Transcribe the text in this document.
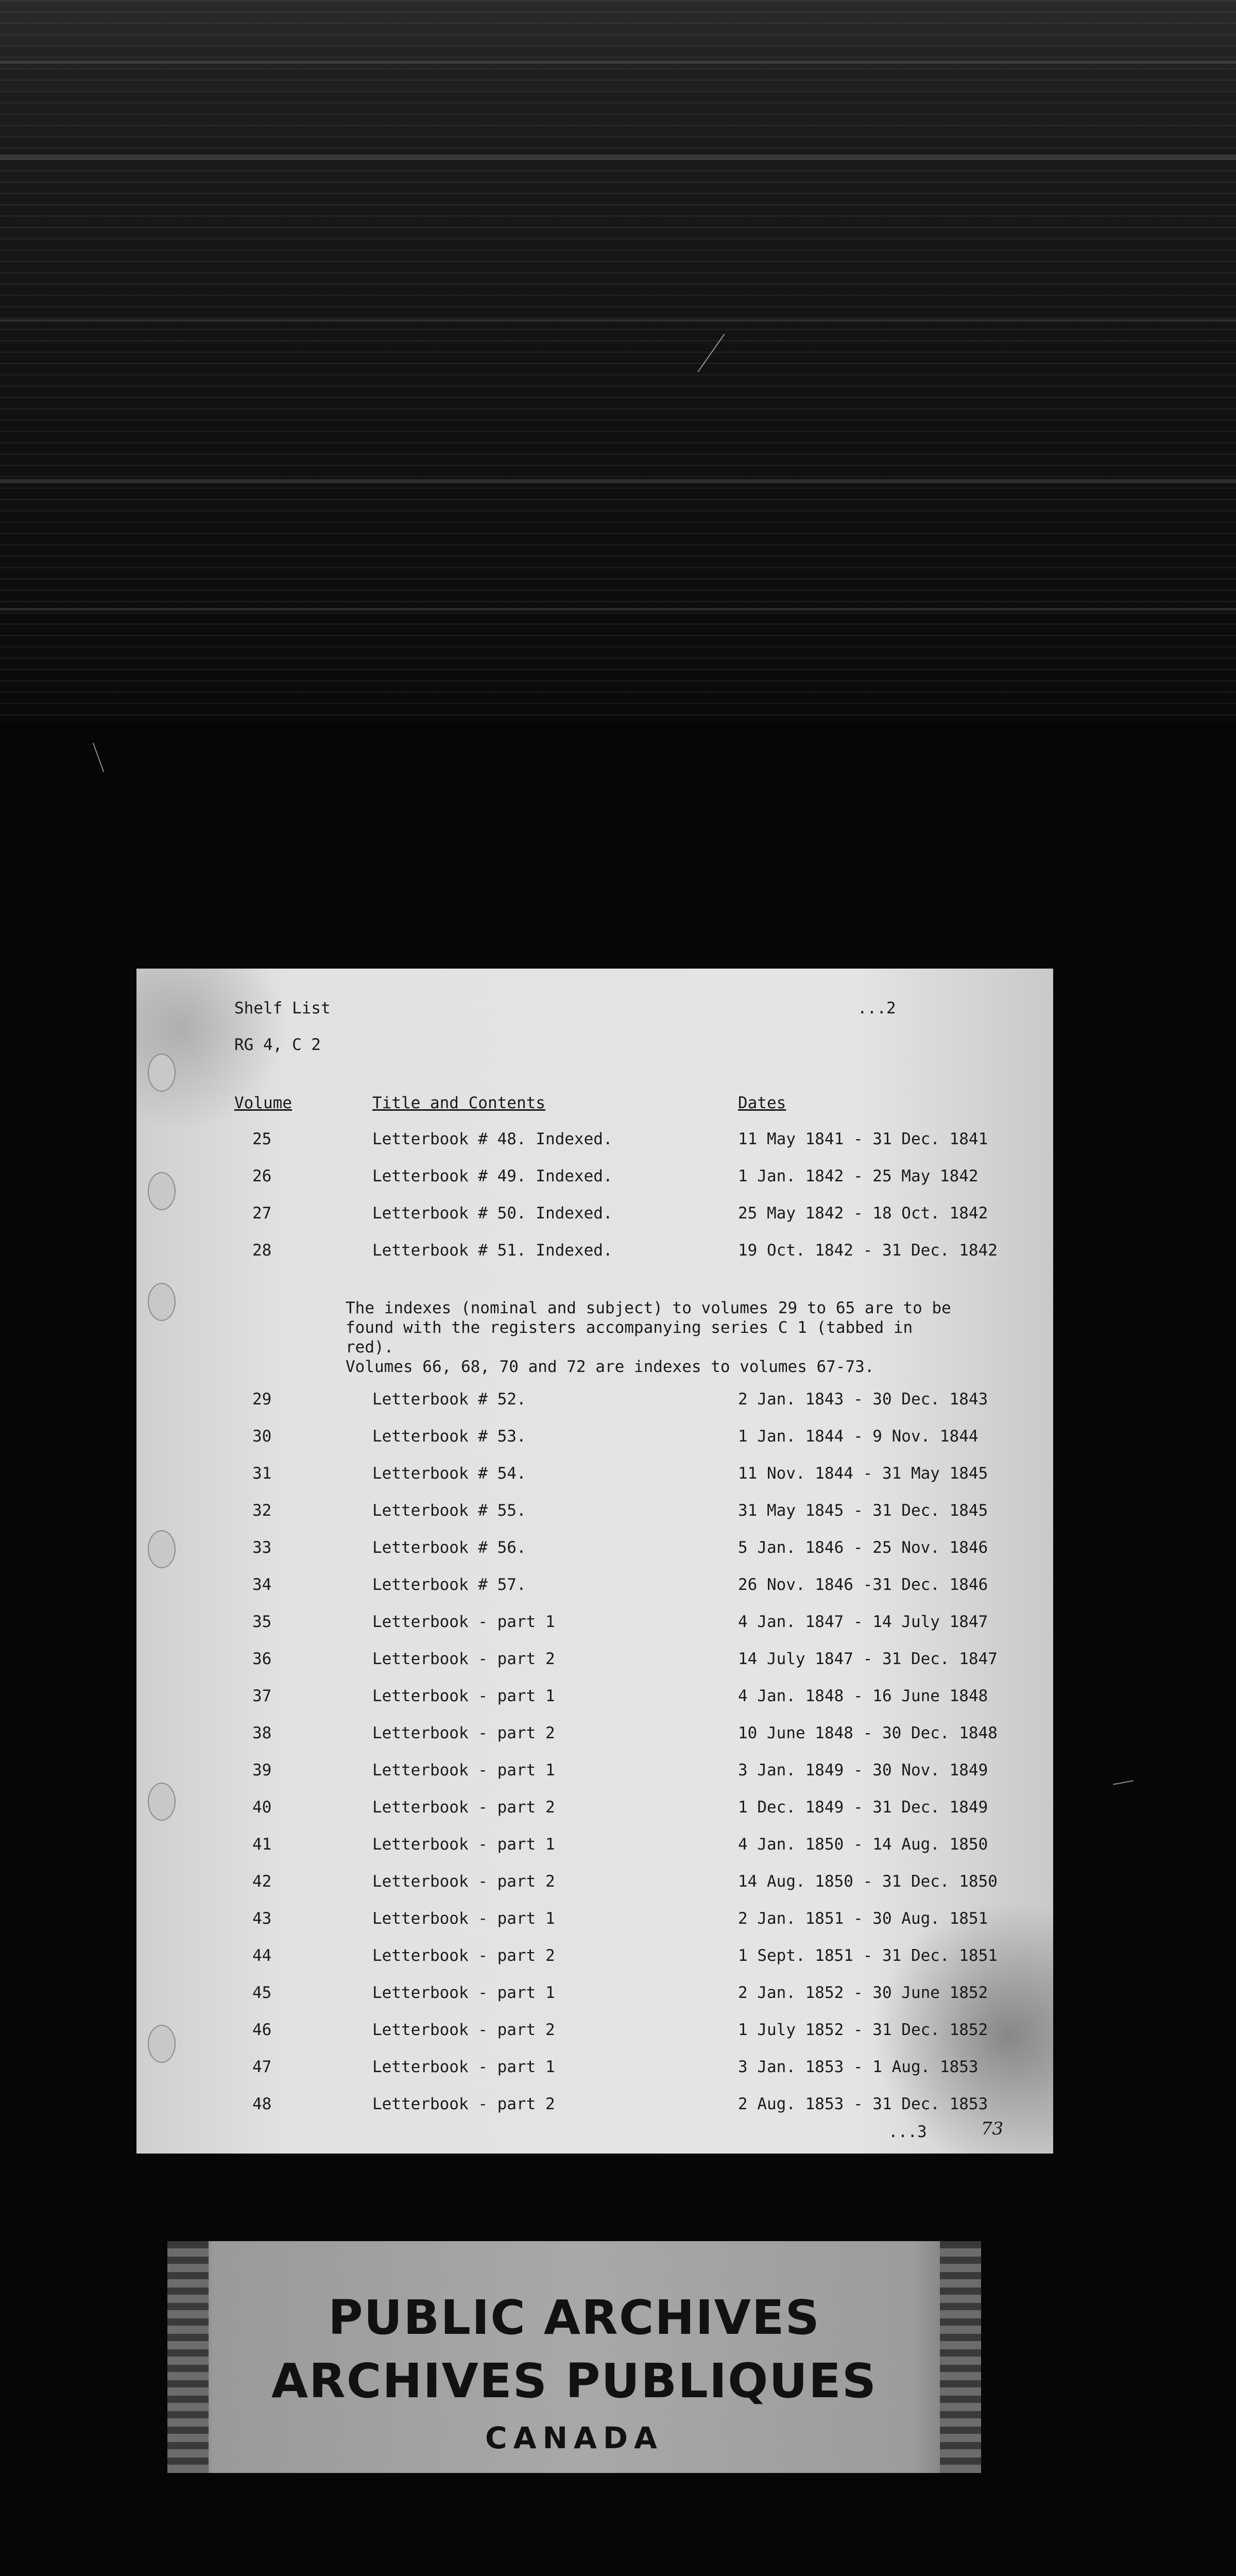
Shelf List
RG 4, C 2
...2
Volume	Title and Contents	Dates
25	Letterbook # 48. Indexed.	11 May 1841 - 31 Dec. 1841
26	Letterbook # 49. Indexed.	1 Jan. 1842 - 25 May 1842
27	Letterbook # 50. Indexed.	25 May 1842 - 18 Oct. 1842
28	Letterbook # 51. Indexed.	19 Oct. 1842 - 31 Dec. 1842
The indexes (nominal and subject) to volumes 29 to 65 are to be
found with the registers accompanying series C 1 (tabbed in red).
Volumes 66, 68, 70 and 72 are indexes to volumes 67-73.
29	Letterbook # 52.	2 Jan. 1843 - 30 Dec. 1843
30	Letterbook # 53.	1 Jan. 1844 - 9 Nov. 1844
31	Letterbook # 54.	11 Nov. 1844 - 31 May 1845
32	Letterbook # 55.	31 May 1845 - 31 Dec. 1845
33	Letterbook # 56.	5 Jan. 1846 - 25 Nov. 1846
34	Letterbook # 57.	26 Nov. 1846 -31 Dec. 1846
35	Letterbook - part 1	4 Jan. 1847 - 14 July 1847
36	Letterbook - part 2	14 July 1847 - 31 Dec. 1847
37	Letterbook - part 1	4 Jan. 1848 - 16 June 1848
38	Letterbook - part 2	10 June 1848 - 30 Dec. 1848
39	Letterbook - part 1	3 Jan. 1849 - 30 Nov. 1849
40	Letterbook - part 2	1 Dec. 1849 - 31 Dec. 1849
41	Letterbook - part 1	4 Jan. 1850 - 14 Aug. 1850
42	Letterbook - part 2	14 Aug. 1850 - 31 Dec. 1850
43	Letterbook - part 1	2 Jan. 1851 - 30 Aug. 1851
44	Letterbook - part 2	1 Sept. 1851 - 31 Dec. 1851
45	Letterbook - part 1	2 Jan. 1852 - 30 June 1852
46	Letterbook - part 2	1 July 1852 - 31 Dec. 1852
47	Letterbook - part 1	3 Jan. 1853 - 1 Aug. 1853
48	Letterbook - part 2	2 Aug. 1853 - 31 Dec. 1853
...3	73
PUBLIC ARCHIVES
ARCHIVES PUBLIQUES
CANADA
